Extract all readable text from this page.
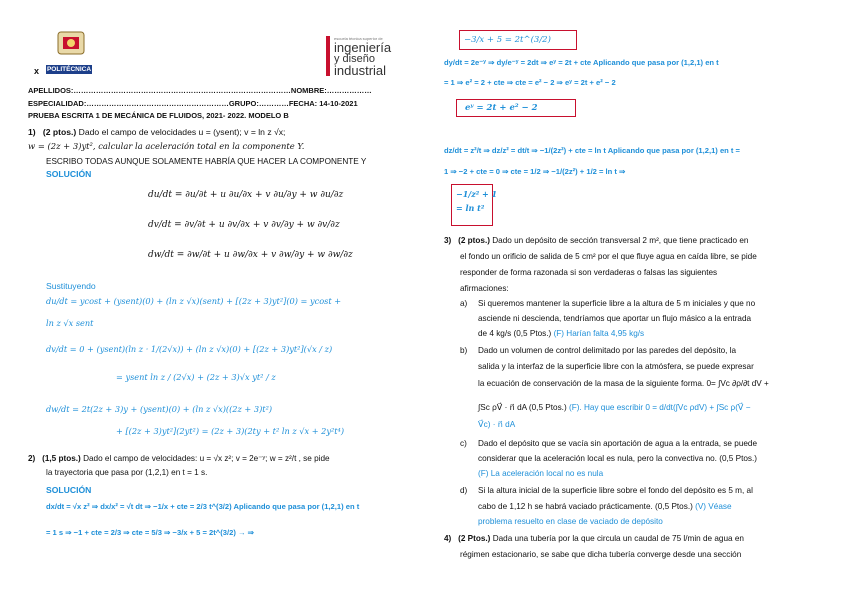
POLITÉCNICA
x
escuela técnica superior de
ingeniería
y diseño
industrial
APELLIDOS:……………………………………………………………………………NOMBRE:………………
ESPECIALIDAD:…………………………………………………GRUPO:…………FECHA: 14-10-2021
PRUEBA ESCRITA 1 DE MECÁNICA DE FLUIDOS, 2021- 2022. MODELO B
1) (2 ptos.) Dado el campo de velocidades u = (ysent); v = ln z √x;
w = (2z + 3)yt², calcular la aceleración total en la componente Y.
ESCRIBO TODAS AUNQUE SOLAMENTE HABRÍA QUE HACER LA COMPONENTE Y
SOLUCIÓN
du/dt = ∂u/∂t + u ∂u/∂x + v ∂u/∂y + w ∂u/∂z
dv/dt = ∂v/∂t + u ∂v/∂x + v ∂v/∂y + w ∂v/∂z
dw/dt = ∂w/∂t + u ∂w/∂x + v ∂w/∂y + w ∂w/∂z
Sustituyendo
du/dt = ycost + (ysent)(0) + (ln z √x)(sent) + [(2z + 3)yt²](0) = ycost +
ln z √x sent
dv/dt = 0 + (ysent)(ln z · 1/(2√x)) + (ln z √x)(0) + [(2z + 3)yt²](√x / z)
= ysent ln z / (2√x) + (2z + 3)√x yt² / z
dw/dt = 2t(2z + 3)y + (ysent)(0) + (ln z √x)((2z + 3)t²)
+ [(2z + 3)yt²](2yt²) = (2z + 3)(2ty + t² ln z √x + 2y²t⁴)
2) (1,5 ptos.) Dado el campo de velocidades: u = √x z²; v = 2e⁻ʸ; w = z²/t , se pide
la trayectoria que pasa por (1,2,1) en t = 1 s.
SOLUCIÓN
dx/dt = √x z² ⇒ dx/x² = √t dt ⇒ −1/x + cte = 2/3 t^(3/2) Aplicando que pasa por (1,2,1) en t
= 1 s ⇒ −1 + cte = 2/3 ⇒ cte = 5/3 ⇒ −3/x + 5 = 2t^(3/2) → ⇒
−3/x + 5 = 2t^(3/2)
dy/dt = 2e⁻ʸ ⇒ dy/e⁻ʸ = 2dt ⇒ eʸ = 2t + cte Aplicando que pasa por (1,2,1) en t
= 1 ⇒ e² = 2 + cte ⇒ cte = e² − 2 ⇒ eʸ = 2t + e² − 2
eʸ = 2t + e² − 2
dz/dt = z²/t ⇒ dz/z² = dt/t ⇒ −1/(2z²) + cte = ln t Aplicando que pasa por (1,2,1) en t =
1 ⇒ −2 + cte = 0 ⇒ cte = 1/2 ⇒ −1/(2z²) + 1/2 = ln t ⇒
−1/z² + 1
= ln t²
3) (2 ptos.) Dado un depósito de sección transversal 2 m², que tiene practicado en
el fondo un orificio de salida de 5 cm² por el que fluye agua en caída libre, se pide
responder de forma razonada si son verdaderas o falsas las siguientes
afirmaciones:
a) Si queremos mantener la superficie libre a la altura de 5 m iniciales y que no
asciende ni descienda, tendríamos que aportar un flujo másico a la entrada
de 4 kg/s (0,5 Ptos.) (F) Harían falta 4,95 kg/s
b) Dado un volumen de control delimitado por las paredes del depósito, la
salida y la interfaz de la superficie libre con la atmósfera, se puede expresar
la ecuación de conservación de la masa de la siguiente forma. 0= ∫Vc ∂ρ/∂t dV +
∫Sc ρV⃗ · n⃗ dA (0,5 Ptos.) (F). Hay que escribir 0 = d/dt(∫Vc ρdV) + ∫Sc ρ(V⃗ −
V⃗c) · n⃗ dA
c) Dado el depósito que se vacía sin aportación de agua a la entrada, se puede
considerar que la aceleración local es nula, pero la convectiva no. (0,5 Ptos.)
(F) La aceleración local no es nula
d) Si la altura inicial de la superficie libre sobre el fondo del depósito es 5 m, al
cabo de 1,12 h se habrá vaciado prácticamente. (0,5 Ptos.) (V) Véase
problema resuelto en clase de vaciado de depósito
4) (2 Ptos.) Dada una tubería por la que circula un caudal de 75 l/min de agua en
régimen estacionario, se sabe que dicha tubería converge desde una sección
